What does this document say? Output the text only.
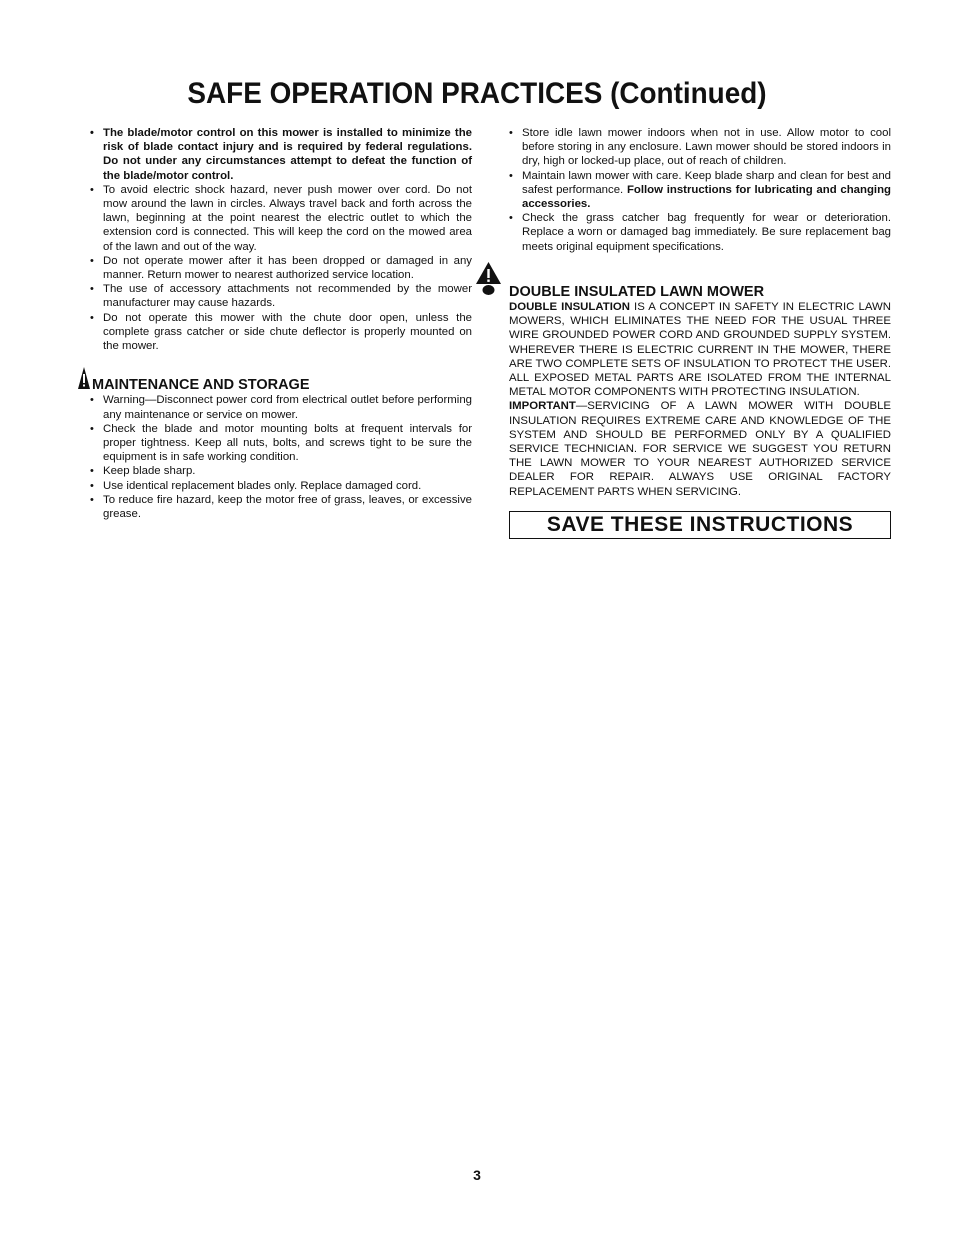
SAFE OPERATION PRACTICES (Continued)
• The blade/motor control on this mower is installed to minimize the risk of blade contact injury and is required by federal regulations. Do not under any circumstances attempt to defeat the function of the blade/motor control.
• To avoid electric shock hazard, never push mower over cord. Do not mow around the lawn in circles. Always travel back and forth across the lawn, beginning at the point nearest the electric outlet to which the extension cord is connected. This will keep the cord on the mowed area of the lawn and out of the way.
• Do not operate mower after it has been dropped or damaged in any manner. Return mower to nearest authorized service location.
• The use of accessory attachments not recommended by the mower manufacturer may cause hazards.
• Do not operate this mower with the chute door open, unless the complete grass catcher or side chute deflector is properly mounted on the mower.
MAINTENANCE AND STORAGE
• Warning—Disconnect power cord from electrical outlet before performing any maintenance or service on mower.
• Check the blade and motor mounting bolts at frequent intervals for proper tightness. Keep all nuts, bolts, and screws tight to be sure the equipment is in safe working condition.
• Keep blade sharp.
• Use identical replacement blades only. Replace damaged cord.
• To reduce fire hazard, keep the motor free of grass, leaves, or excessive grease.
• Store idle lawn mower indoors when not in use. Allow motor to cool before storing in any enclosure. Lawn mower should be stored indoors in dry, high or locked-up place, out of reach of children.
• Maintain lawn mower with care. Keep blade sharp and clean for best and safest performance. Follow instructions for lubricating and changing accessories.
• Check the grass catcher bag frequently for wear or deterioration. Replace a worn or damaged bag immediately. Be sure replacement bag meets original equipment specifications.
DOUBLE INSULATED LAWN MOWER
DOUBLE INSULATION IS A CONCEPT IN SAFETY IN ELECTRIC LAWN MOWERS, WHICH ELIMINATES THE NEED FOR THE USUAL THREE WIRE GROUNDED POWER CORD AND GROUNDED SUPPLY SYSTEM. WHEREVER THERE IS ELECTRIC CURRENT IN THE MOWER, THERE ARE TWO COMPLETE SETS OF INSULATION TO PROTECT THE USER. ALL EXPOSED METAL PARTS ARE ISOLATED FROM THE INTERNAL METAL MOTOR COMPONENTS WITH PROTECTING INSULATION.
IMPORTANT—SERVICING OF A LAWN MOWER WITH DOUBLE INSULATION REQUIRES EXTREME CARE AND KNOWLEDGE OF THE SYSTEM AND SHOULD BE PERFORMED ONLY BY A QUALIFIED SERVICE TECHNICIAN. FOR SERVICE WE SUGGEST YOU RETURN THE LAWN MOWER TO YOUR NEAREST AUTHORIZED SERVICE DEALER FOR REPAIR. ALWAYS USE ORIGINAL FACTORY REPLACEMENT PARTS WHEN SERVICING.
SAVE THESE INSTRUCTIONS
3
